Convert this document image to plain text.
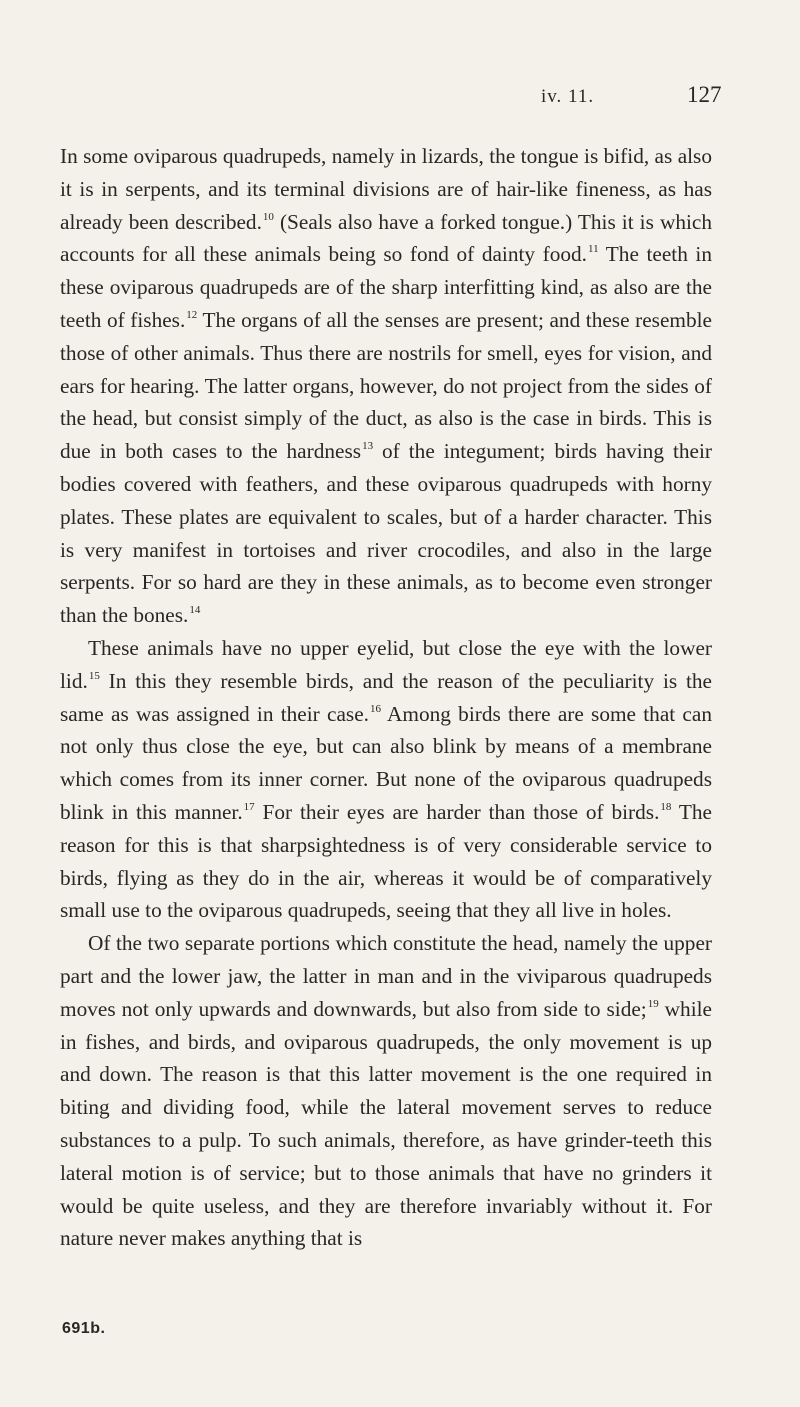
iv. 11.	127

In some oviparous quadrupeds, namely in lizards, the tongue is bifid, as also it is in serpents, and its terminal divisions are of hair-like fineness, as has already been described.$^{10}$ (Seals also have a forked tongue.) This it is which accounts for all these animals being so fond of dainty food.$^{11}$ The teeth in these oviparous quadrupeds are of the sharp interfitting kind, as also are the teeth of fishes.$^{12}$ The organs of all the senses are present; and these resemble those of other animals. Thus there are nostrils for smell, eyes for vision, and ears for hearing. The latter organs, however, do not project from the sides of the head, but consist simply of the duct, as also is the case in birds. This is due in both cases to the hardness$^{13}$ of the integument; birds having their bodies covered with feathers, and these oviparous quadrupeds with horny plates. These plates are equivalent to scales, but of a harder character. This is very manifest in tortoises and river crocodiles, and also in the large serpents. For so hard are they in these animals, as to become even stronger than the bones.$^{14}$

These animals have no upper eyelid, but close the eye with the lower lid.$^{15}$ In this they resemble birds, and the reason of the peculiarity is the same as was assigned in their case.$^{16}$ Among birds there are some that can not only thus close the eye, but can also blink by means of a membrane which comes from its inner corner. But none of the oviparous quadrupeds blink in this manner.$^{17}$ For their eyes are harder than those of birds.$^{18}$ The reason for this is that sharpsightedness is of very considerable service to birds, flying as they do in the air, whereas it would be of comparatively small use to the oviparous quadrupeds, seeing that they all live in holes.

Of the two separate portions which constitute the head, namely the upper part and the lower jaw, the latter in man and in the viviparous quadrupeds moves not only upwards and downwards, but also from side to side;$^{19}$ while in fishes, and birds, and oviparous quadrupeds, the only movement is up and down. The reason is that this latter movement is the one required in biting and dividing food, while the lateral movement serves to reduce substances to a pulp. To such animals, therefore, as have grinder-teeth this lateral motion is of service; but to those animals that have no grinders it would be quite useless, and they are therefore invariably without it. For nature never makes anything that is

691b.
